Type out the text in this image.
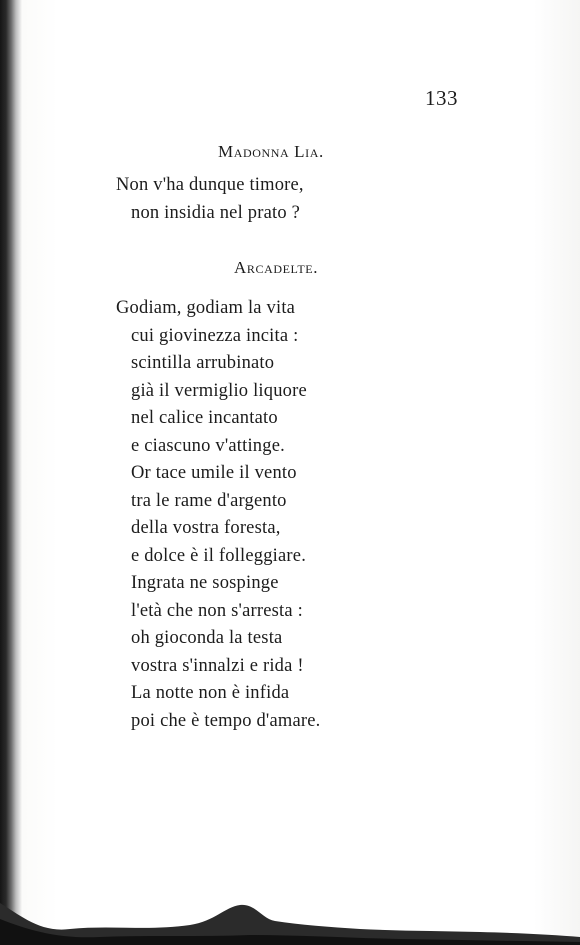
133
Madonna Lia.
Non v'ha dunque timore,
non insidia nel prato ?
Arcadelte.
Godiam, godiam la vita
cui giovinezza incita :
scintilla arrubinato
già il vermiglio liquore
nel calice incantato
e ciascuno v'attinge.
Or tace umile il vento
tra le rame d'argento
della vostra foresta,
e dolce è il folleggiare.
Ingrata ne sospinge
l'età che non s'arresta :
oh gioconda la testa
vostra s'innalzi e rida !
La notte non è infida
poi che è tempo d'amare.
